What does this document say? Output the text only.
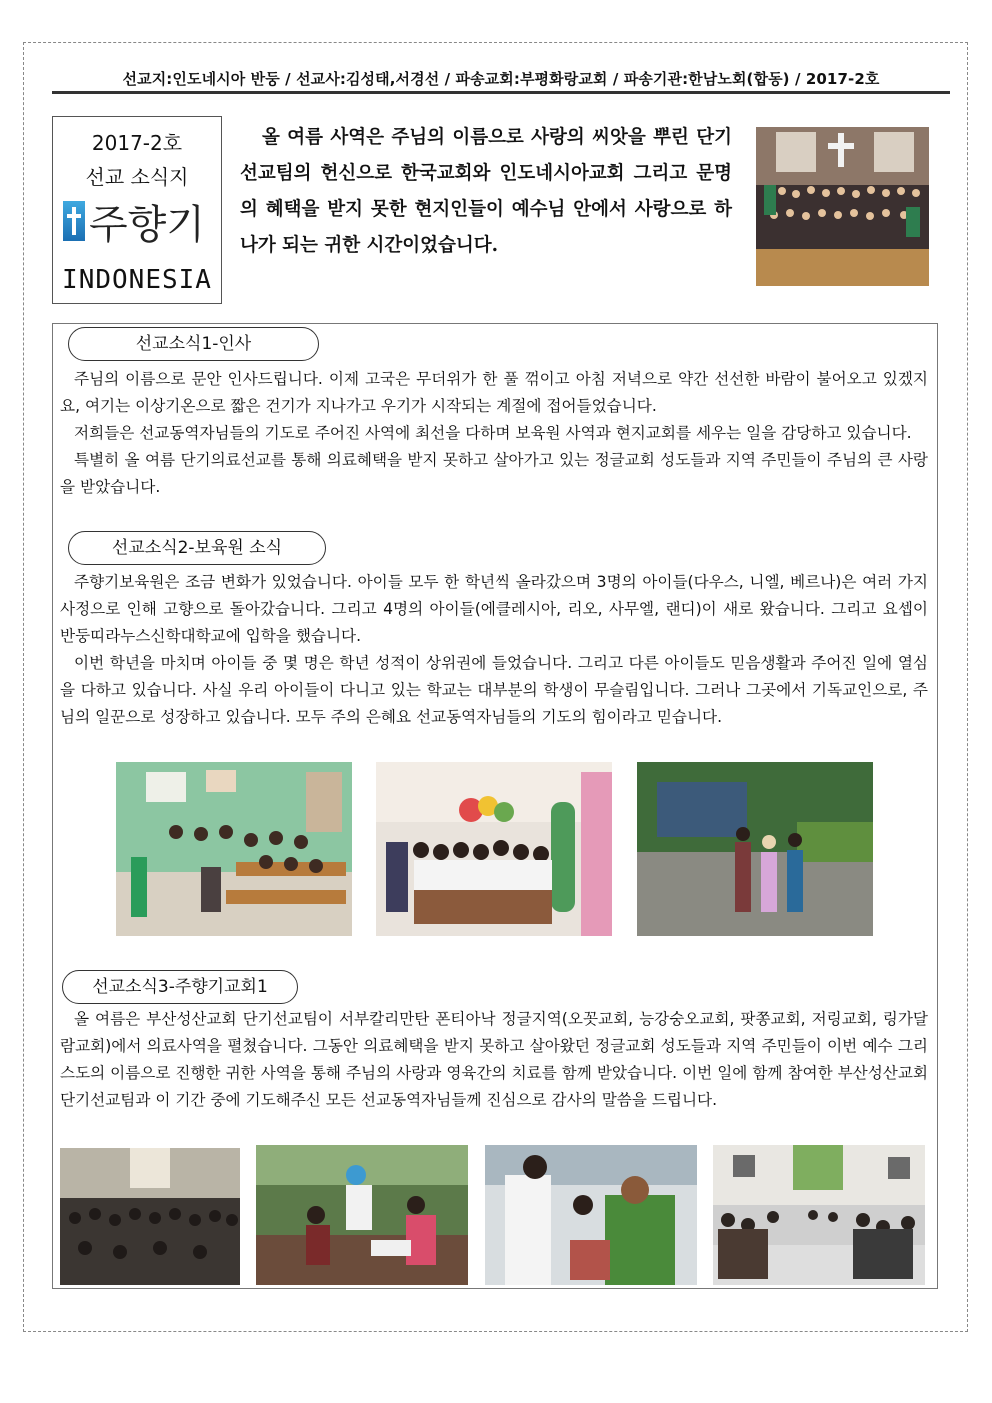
선교지:인도네시아 반둥 / 선교사:김성태,서경선 / 파송교회:부평화랑교회 / 파송기관:한남노회(합동) / 2017-2호
2017-2호
선교 소식지
주향기
INDONESIA

올 여름 사역은 주님의 이름으로 사랑의 씨앗을 뿌린 단기선교팀의 헌신으로 한국교회와 인도네시아교회 그리고 문명의 혜택을 받지 못한 현지인들이 예수님 안에서 사랑으로 하나가 되는 귀한 시간이었습니다.

선교소식1-인사

주님의 이름으로 문안 인사드립니다. 이제 고국은 무더위가 한 풀 꺾이고 아침 저녁으로 약간 선선한 바람이 불어오고 있겠지요, 여기는 이상기온으로 짧은 건기가 지나가고 우기가 시작되는 계절에 접어들었습니다.

저희들은 선교동역자님들의 기도로 주어진 사역에 최선을 다하며 보육원 사역과 현지교회를 세우는 일을 감당하고 있습니다.

특별히 올 여름 단기의료선교를 통해 의료혜택을 받지 못하고 살아가고 있는 정글교회 성도들과 지역 주민들이 주님의 큰 사랑을 받았습니다.

선교소식2-보육원 소식

주향기보육원은 조금 변화가 있었습니다. 아이들 모두 한 학년씩 올라갔으며 3명의 아이들(다우스, 니엘, 베르나)은 여러 가지 사정으로 인해 고향으로 돌아갔습니다. 그리고 4명의 아이들(에클레시아, 리오, 사무엘, 랜디)이 새로 왔습니다. 그리고 요셉이 반둥띠라누스신학대학교에 입학을 했습니다.

이번 학년을 마치며 아이들 중 몇 명은 학년 성적이 상위권에 들었습니다. 그리고 다른 아이들도 믿음생활과 주어진 일에 열심을 다하고 있습니다. 사실 우리 아이들이 다니고 있는 학교는 대부분의 학생이 무슬림입니다. 그러나 그곳에서 기독교인으로, 주님의 일꾼으로 성장하고 있습니다. 모두 주의 은혜요 선교동역자님들의 기도의 힘이라고 믿습니다.

선교소식3-주향기교회1

올 여름은 부산성산교회 단기선교팀이 서부칼리만탄 폰티아낙 정글지역(오꼿교회, 능강숭오교회, 팟쫑교회, 저링교회, 링가달람교회)에서 의료사역을 펼쳤습니다. 그동안 의료혜택을 받지 못하고 살아왔던 정글교회 성도들과 지역 주민들이 이번 예수 그리스도의 이름으로 진행한 귀한 사역을 통해 주님의 사랑과 영육간의 치료를 함께 받았습니다. 이번 일에 함께 참여한 부산성산교회 단기선교팀과 이 기간 중에 기도해주신 모든 선교동역자님들께 진심으로 감사의 말씀을 드립니다.
